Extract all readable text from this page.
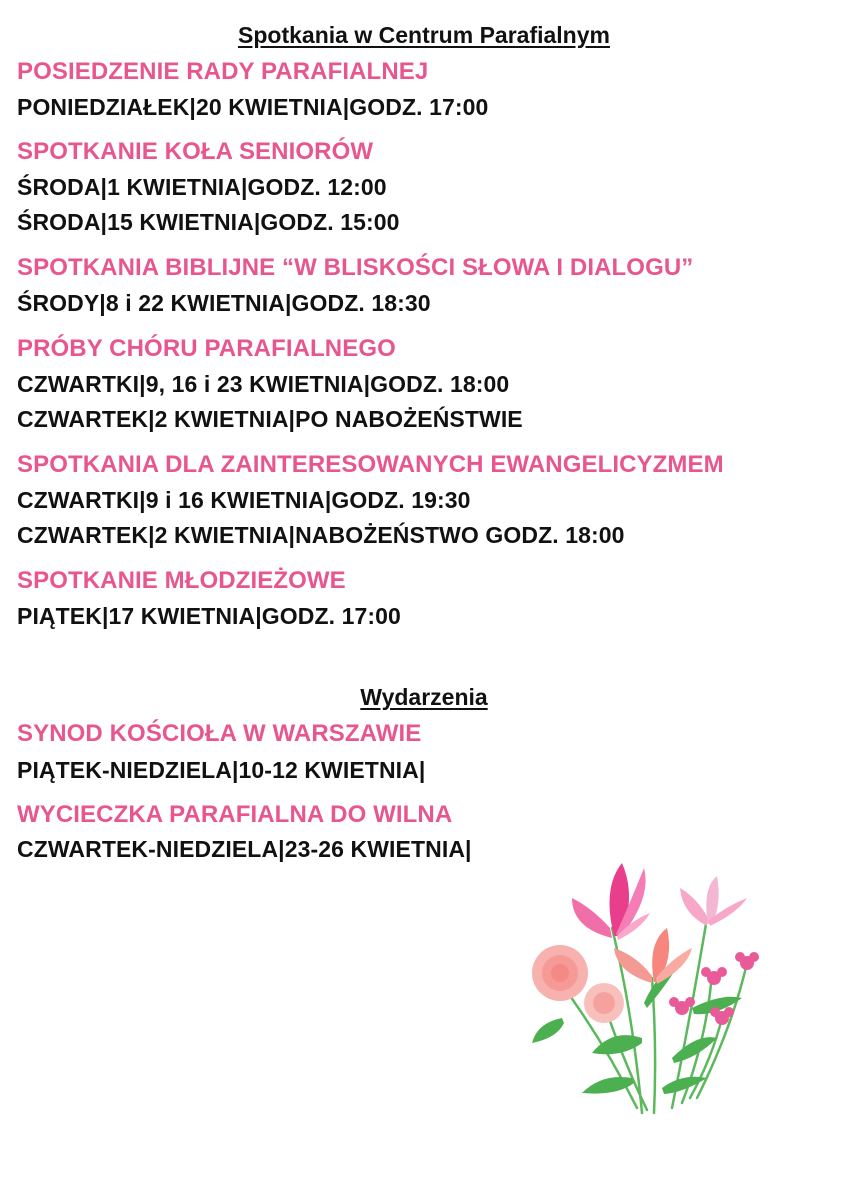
Spotkania w Centrum Parafialnym
POSIEDZENIE RADY PARAFIALNEJ
PONIEDZIAŁEK|20 KWIETNIA|GODZ. 17:00
SPOTKANIE KOŁA SENIORÓW
ŚRODA|1 KWIETNIA|GODZ. 12:00
ŚRODA|15 KWIETNIA|GODZ. 15:00
SPOTKANIA BIBLIJNE “W BLISKOŚCI SŁOWA I DIALOGU”
ŚRODY|8 i 22 KWIETNIA|GODZ. 18:30
PRÓBY CHÓRU PARAFIALNEGO
CZWARTKI|9, 16 i 23 KWIETNIA|GODZ. 18:00
CZWARTEK|2 KWIETNIA|PO NABOŻEŃSTWIE
SPOTKANIA DLA ZAINTERESOWANYCH EWANGELICYZMEM
CZWARTKI|9 i 16 KWIETNIA|GODZ. 19:30
CZWARTEK|2 KWIETNIA|NABOŻEŃSTWO GODZ. 18:00
SPOTKANIE MŁODZIEŻOWE
PIĄTEK|17 KWIETNIA|GODZ. 17:00
Wydarzenia
SYNOD KOŚCIOŁA W WARSZAWIE
PIĄTEK-NIEDZIELA|10-12 KWIETNIA|
WYCIECZKA PARAFIALNA DO WILNA
CZWARTEK-NIEDZIELA|23-26 KWIETNIA|
